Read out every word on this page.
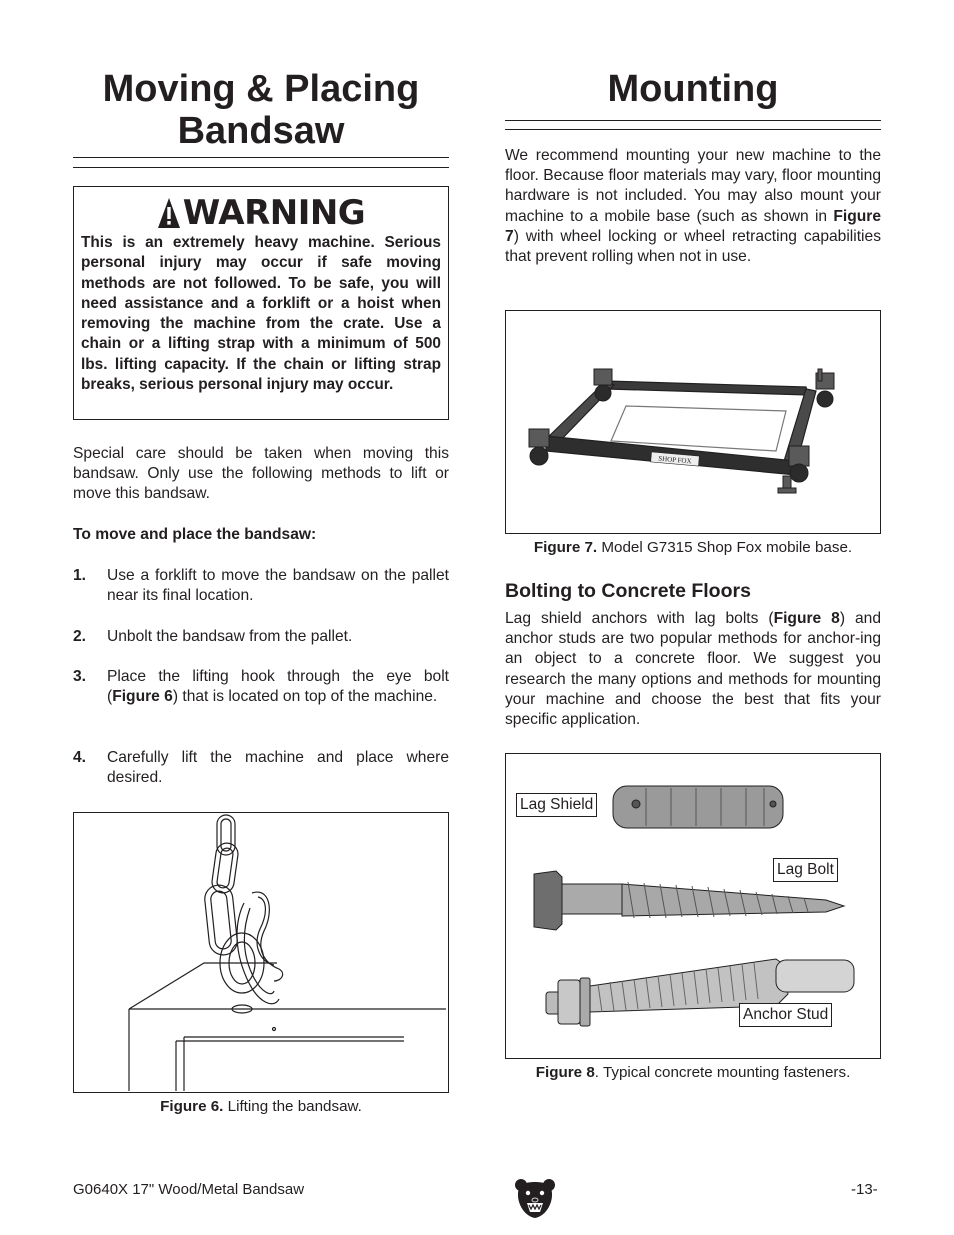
Moving & Placing
Bandsaw
WARNING
This is an extremely heavy machine. Serious personal injury may occur if safe moving methods are not followed. To be safe, you will need assistance and a forklift or a hoist when removing the machine from the crate. Use a chain or a lifting strap with a minimum of 500 lbs. lifting capacity. If the chain or lifting strap breaks, serious personal injury may occur.
Special care should be taken when moving this bandsaw. Only use the following methods to lift or move this bandsaw.
To move and place the bandsaw:
1.	Use a forklift to move the bandsaw on the pallet near its final location.
2.	Unbolt the bandsaw from the pallet.
3.	Place the lifting hook through the eye bolt (Figure 6) that is located on top of the machine.
4.	Carefully lift the machine and place where desired.
Figure 6. Lifting the bandsaw.
Mounting
We recommend mounting your new machine to the floor. Because floor materials may vary, floor mounting hardware is not included. You may also mount your machine to a mobile base (such as shown in Figure 7) with wheel locking or wheel retracting capabilities that prevent rolling when not in use.
SHOP FOX
Figure 7. Model G7315 Shop Fox mobile base.
Bolting to Concrete Floors
Lag shield anchors with lag bolts (Figure 8) and anchor studs are two popular methods for anchor-ing an object to a concrete floor. We suggest you research the many options and methods for mounting your machine and choose the best that fits your specific application.
Lag Shield
Lag Bolt
Anchor Stud
Figure 8. Typical concrete mounting fasteners.
G0640X 17" Wood/Metal Bandsaw	-13-
